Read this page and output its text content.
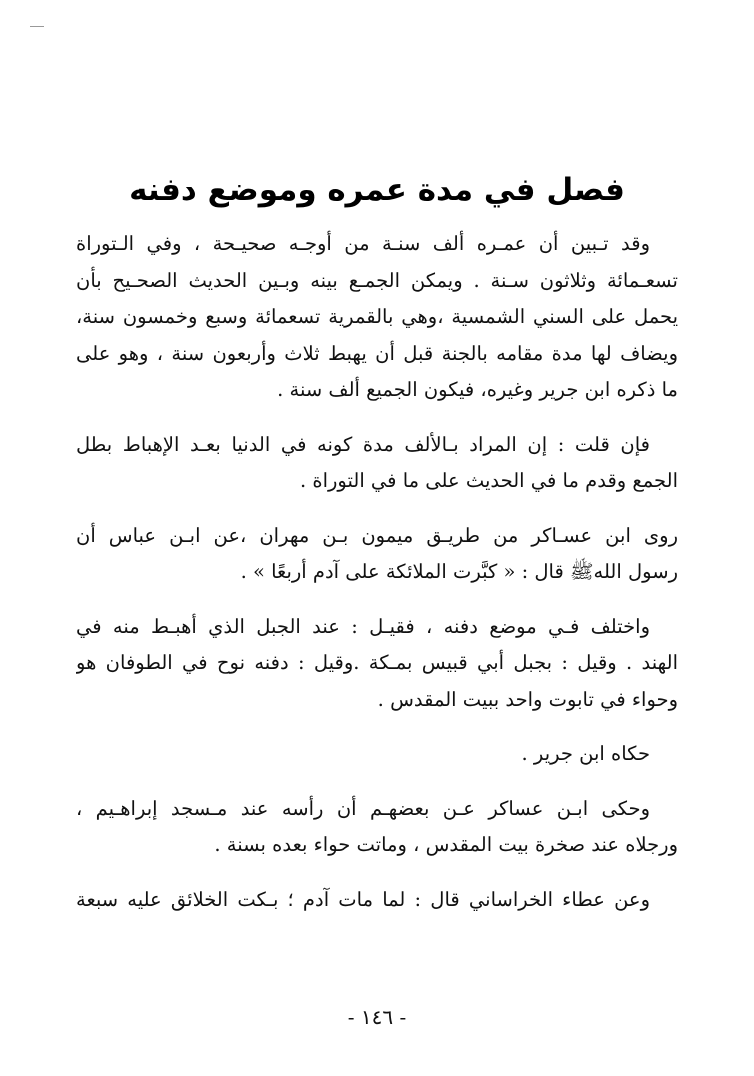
فصل في مدة عمره وموضع دفنه
وقد تـبين أن عمـره ألف سنـة من أوجـه صحيـحة ، وفي الـتوراة
تسعـمائة وثلاثون سـنة . ويمكن الجمـع بينه وبـين الحديث الصحـيح بأن
يحمل على السني الشمسية ،وهي بالقمرية تسعمائة وسبع وخمسون سنة،
ويضاف لها مدة مقامه بالجنة قبل أن يهبط ثلاث وأربعون سنة ، وهو على
ما ذكره ابن جرير وغيره، فيكون الجميع ألف سنة .
فإن قلت : إن المراد بـالألف مدة كونه في الدنيا بعـد الإهباط بطل
الجمع وقدم ما في الحديث على ما في التوراة .
روى ابن عسـاكر من طريـق ميمون بـن مهران ،عن ابـن عباس أن
رسول اللهﷺ قال : « كبَّرت الملائكة على آدم أربعًا » .
واختلف فـي موضع دفنه ، فقيـل : عند الجبل الذي أهبـط منه في
الهند . وقيل : بجبل أبي قبيس بمـكة .وقيل : دفنه نوح في الطوفان هو
وحواء في تابوت واحد ببيت المقدس .
حكاه ابن جرير .
وحكى ابـن عساكر عـن بعضهـم أن رأسه عند مـسجد إبراهـيم ،
ورجلاه عند صخرة بيت المقدس ، وماتت حواء بعده بسنة .
وعن عطاء الخراساني قال : لما مات آدم ؛ بـكت الخلائق عليه سبعة
- ١٤٦ -
